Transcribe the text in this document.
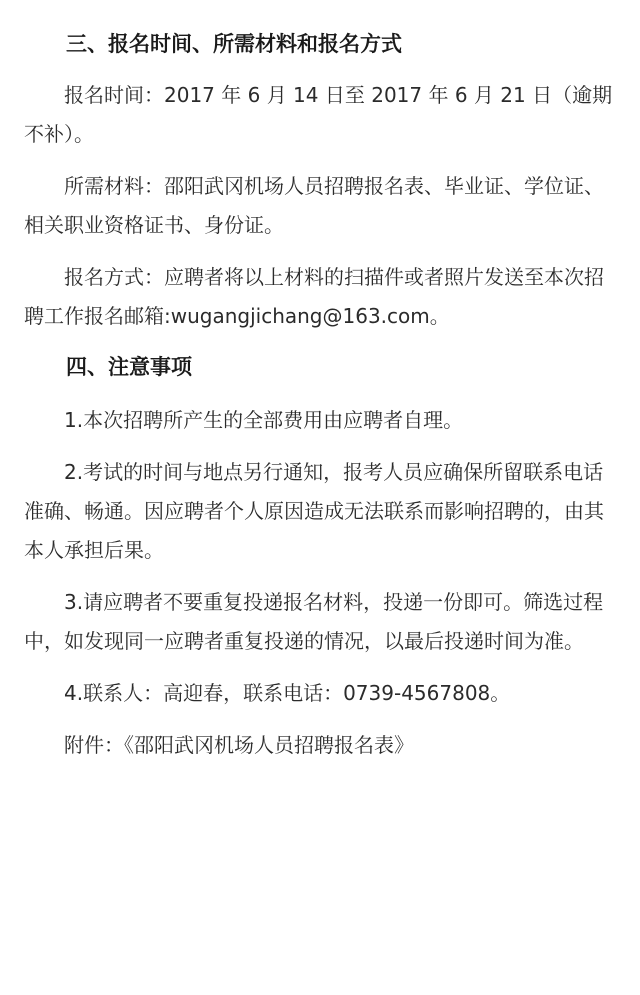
三、报名时间、所需材料和报名方式

报名时间：2017 年 6 月 14 日至 2017 年 6 月 21 日（逾期不补）。

所需材料：邵阳武冈机场人员招聘报名表、毕业证、学位证、相关职业资格证书、身份证。

报名方式：应聘者将以上材料的扫描件或者照片发送至本次招聘工作报名邮箱:wugangjichang@163.com。

四、注意事项

1.本次招聘所产生的全部费用由应聘者自理。

2.考试的时间与地点另行通知，报考人员应确保所留联系电话准确、畅通。因应聘者个人原因造成无法联系而影响招聘的，由其本人承担后果。

3.请应聘者不要重复投递报名材料，投递一份即可。筛选过程中，如发现同一应聘者重复投递的情况，以最后投递时间为准。

4.联系人：高迎春，联系电话：0739-4567808。

附件：《邵阳武冈机场人员招聘报名表》
